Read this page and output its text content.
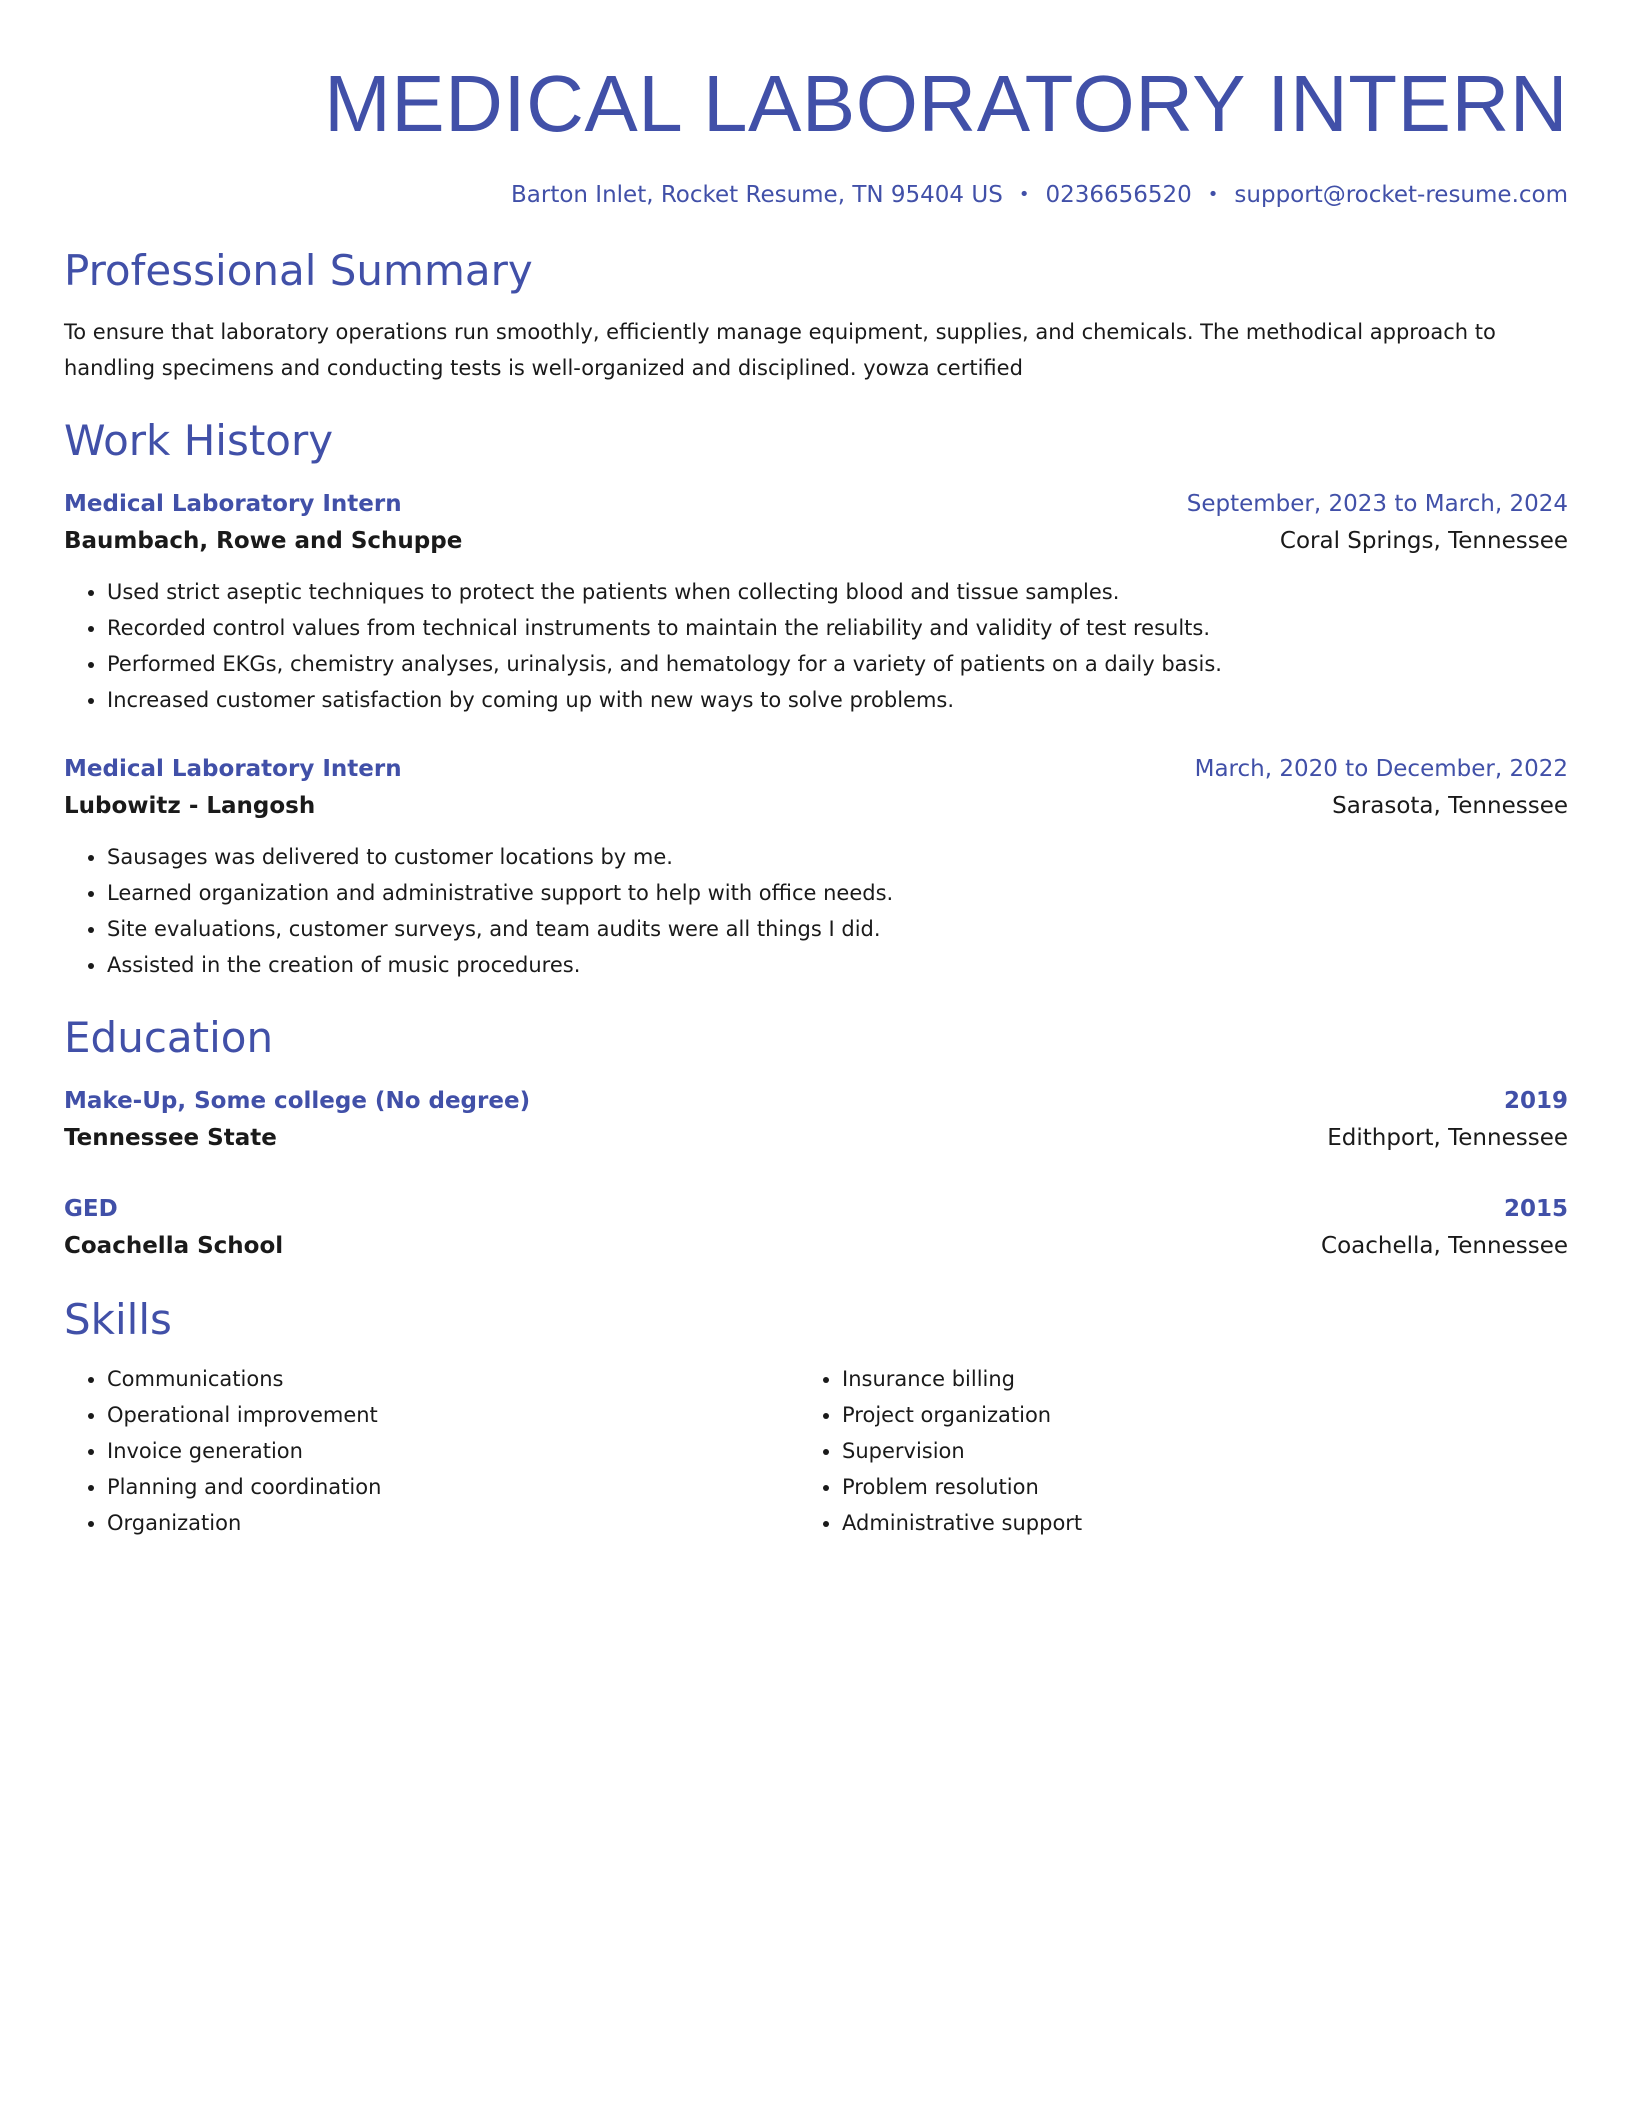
MEDICAL LABORATORY INTERN
Barton Inlet, Rocket Resume, TN 95404 US • 0236656520 • support@rocket-resume.com
Professional Summary

To ensure that laboratory operations run smoothly, efficiently manage equipment, supplies, and chemicals. The methodical approach to handling specimens and conducting tests is well-organized and disciplined. yowza certified

Work History
Medical Laboratory Intern	September, 2023 to March, 2024
Baumbach, Rowe and Schuppe	Coral Springs, Tennessee
• Used strict aseptic techniques to protect the patients when collecting blood and tissue samples.
• Recorded control values from technical instruments to maintain the reliability and validity of test results.
• Performed EKGs, chemistry analyses, urinalysis, and hematology for a variety of patients on a daily basis.
• Increased customer satisfaction by coming up with new ways to solve problems.
Medical Laboratory Intern	March, 2020 to December, 2022
Lubowitz - Langosh	Sarasota, Tennessee
• Sausages was delivered to customer locations by me.
• Learned organization and administrative support to help with office needs.
• Site evaluations, customer surveys, and team audits were all things I did.
• Assisted in the creation of music procedures.
Education
Make-Up, Some college (No degree)	2019
Tennessee State	Edithport, Tennessee
GED	2015
Coachella School	Coachella, Tennessee
Skills
• Communications
• Operational improvement
• Invoice generation
• Planning and coordination
• Organization
• Insurance billing
• Project organization
• Supervision
• Problem resolution
• Administrative support
